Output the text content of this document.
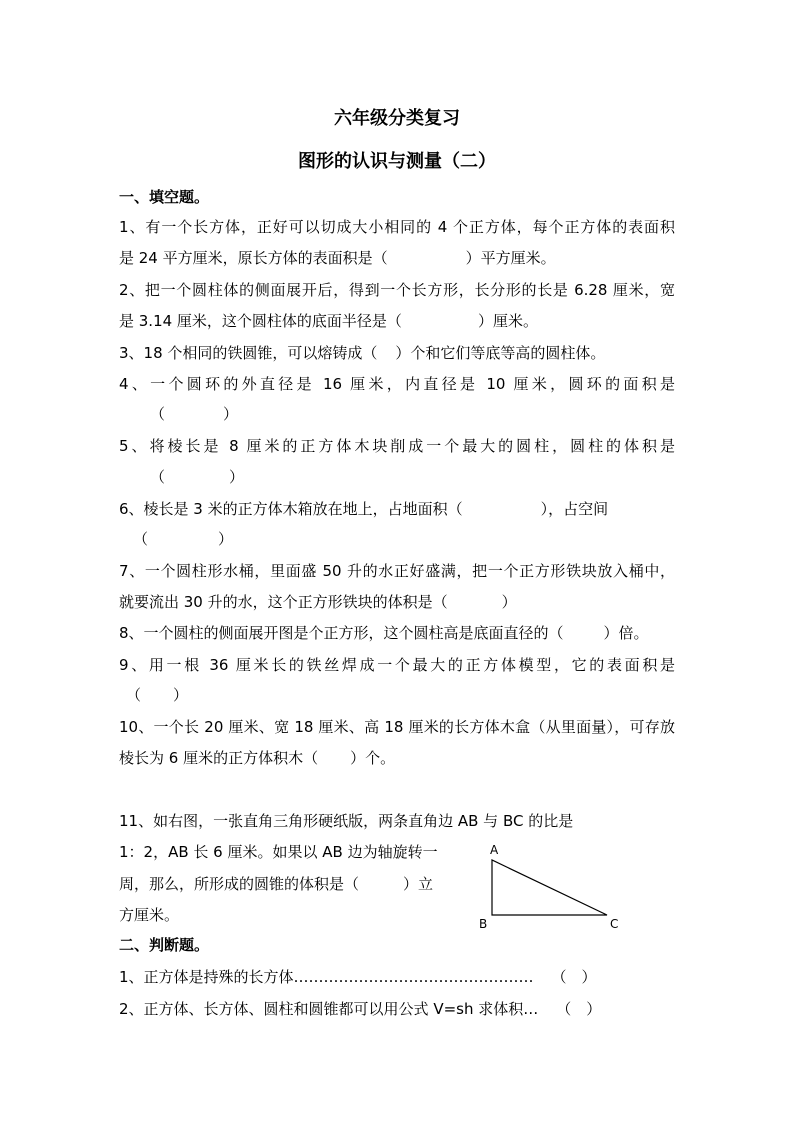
六年级分类复习
图形的认识与测量（二）
一、填空题。
1、有一个长方体，正好可以切成大小相同的 4 个正方体，每个正方体的表面积
是 24 平方厘米，原长方体的表面积是（	）平方厘米。
2、把一个圆柱体的侧面展开后，得到一个长方形，长分形的长是 6.28 厘米，宽
是 3.14 厘米，这个圆柱体的底面半径是（	）厘米。
3、18 个相同的铁圆锥，可以熔铸成（ ）个和它们等底等高的圆柱体。
4、一个圆环的外直径是 16 厘米，内直径是 10 厘米，圆环的面积是
（	）
5、将棱长是 8 厘米的正方体木块削成一个最大的圆柱，圆柱的体积是
（	）
6、棱长是 3 米的正方体木箱放在地上，占地面积（	），占空间
（	）
7、一个圆柱形水桶，里面盛 50 升的水正好盛满，把一个正方形铁块放入桶中，
就要流出 30 升的水，这个正方形铁块的体积是（	）
8、一个圆柱的侧面展开图是个正方形，这个圆柱高是底面直径的（	）倍。
9、用一根 36 厘米长的铁丝焊成一个最大的正方体模型，它的表面积是
（ ）
10、一个长 20 厘米、宽 18 厘米、高 18 厘米的长方体木盒（从里面量），可存放
棱长为 6 厘米的正方体积木（ ）个。
11、如右图，一张直角三角形硬纸版，两条直角边 AB 与 BC 的比是
1：2，AB 长 6 厘米。如果以 AB 边为轴旋转一
周，那么，所形成的圆锥的体积是（	）立
方厘米。
A
B	C
二、判断题。
1、正方体是持殊的长方体………………………………………… （　）
2、正方体、长方体、圆柱和圆锥都可以用公式 V=sh 求体积… （　）
